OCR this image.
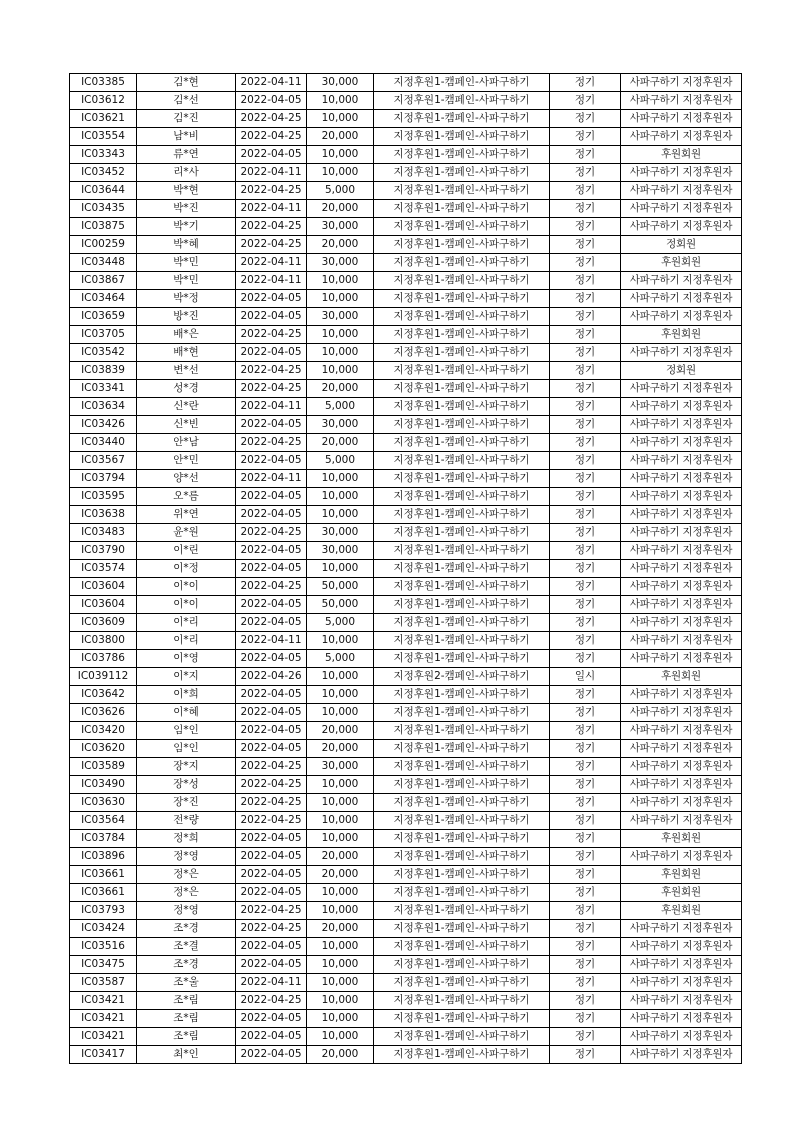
IC03385	김*현	2022-04-11	30,000	지정후원1-캠페인-사파구하기	정기	사파구하기 지정후원자
IC03612	김*선	2022-04-05	10,000	지정후원1-캠페인-사파구하기	정기	사파구하기 지정후원자
IC03621	김*진	2022-04-25	10,000	지정후원1-캠페인-사파구하기	정기	사파구하기 지정후원자
IC03554	남*비	2022-04-25	20,000	지정후원1-캠페인-사파구하기	정기	사파구하기 지정후원자
IC03343	류*연	2022-04-05	10,000	지정후원1-캠페인-사파구하기	정기	후원회원
IC03452	리*사	2022-04-11	10,000	지정후원1-캠페인-사파구하기	정기	사파구하기 지정후원자
IC03644	박*현	2022-04-25	5,000	지정후원1-캠페인-사파구하기	정기	사파구하기 지정후원자
IC03435	박*진	2022-04-11	20,000	지정후원1-캠페인-사파구하기	정기	사파구하기 지정후원자
IC03875	박*기	2022-04-25	30,000	지정후원1-캠페인-사파구하기	정기	사파구하기 지정후원자
IC00259	박*혜	2022-04-25	20,000	지정후원1-캠페인-사파구하기	정기	정회원
IC03448	박*민	2022-04-11	30,000	지정후원1-캠페인-사파구하기	정기	후원회원
IC03867	박*민	2022-04-11	10,000	지정후원1-캠페인-사파구하기	정기	사파구하기 지정후원자
IC03464	박*정	2022-04-05	10,000	지정후원1-캠페인-사파구하기	정기	사파구하기 지정후원자
IC03659	방*진	2022-04-05	30,000	지정후원1-캠페인-사파구하기	정기	사파구하기 지정후원자
IC03705	배*은	2022-04-25	10,000	지정후원1-캠페인-사파구하기	정기	후원회원
IC03542	배*현	2022-04-05	10,000	지정후원1-캠페인-사파구하기	정기	사파구하기 지정후원자
IC03839	변*선	2022-04-25	10,000	지정후원1-캠페인-사파구하기	정기	정회원
IC03341	성*경	2022-04-25	20,000	지정후원1-캠페인-사파구하기	정기	사파구하기 지정후원자
IC03634	신*란	2022-04-11	5,000	지정후원1-캠페인-사파구하기	정기	사파구하기 지정후원자
IC03426	신*빈	2022-04-05	30,000	지정후원1-캠페인-사파구하기	정기	사파구하기 지정후원자
IC03440	안*남	2022-04-25	20,000	지정후원1-캠페인-사파구하기	정기	사파구하기 지정후원자
IC03567	안*민	2022-04-05	5,000	지정후원1-캠페인-사파구하기	정기	사파구하기 지정후원자
IC03794	양*선	2022-04-11	10,000	지정후원1-캠페인-사파구하기	정기	사파구하기 지정후원자
IC03595	오*름	2022-04-05	10,000	지정후원1-캠페인-사파구하기	정기	사파구하기 지정후원자
IC03638	위*연	2022-04-05	10,000	지정후원1-캠페인-사파구하기	정기	사파구하기 지정후원자
IC03483	윤*원	2022-04-25	30,000	지정후원1-캠페인-사파구하기	정기	사파구하기 지정후원자
IC03790	이*린	2022-04-05	30,000	지정후원1-캠페인-사파구하기	정기	사파구하기 지정후원자
IC03574	이*정	2022-04-05	10,000	지정후원1-캠페인-사파구하기	정기	사파구하기 지정후원자
IC03604	이*이	2022-04-25	50,000	지정후원1-캠페인-사파구하기	정기	사파구하기 지정후원자
IC03604	이*이	2022-04-05	50,000	지정후원1-캠페인-사파구하기	정기	사파구하기 지정후원자
IC03609	이*리	2022-04-05	5,000	지정후원1-캠페인-사파구하기	정기	사파구하기 지정후원자
IC03800	이*리	2022-04-11	10,000	지정후원1-캠페인-사파구하기	정기	사파구하기 지정후원자
IC03786	이*영	2022-04-05	5,000	지정후원1-캠페인-사파구하기	정기	사파구하기 지정후원자
IC039112	이*지	2022-04-26	10,000	지정후원2-캠페인-사파구하기	일시	후원회원
IC03642	이*희	2022-04-05	10,000	지정후원1-캠페인-사파구하기	정기	사파구하기 지정후원자
IC03626	이*혜	2022-04-05	10,000	지정후원1-캠페인-사파구하기	정기	사파구하기 지정후원자
IC03420	임*인	2022-04-05	20,000	지정후원1-캠페인-사파구하기	정기	사파구하기 지정후원자
IC03620	임*인	2022-04-05	20,000	지정후원1-캠페인-사파구하기	정기	사파구하기 지정후원자
IC03589	장*지	2022-04-25	30,000	지정후원1-캠페인-사파구하기	정기	사파구하기 지정후원자
IC03490	장*성	2022-04-25	10,000	지정후원1-캠페인-사파구하기	정기	사파구하기 지정후원자
IC03630	장*진	2022-04-25	10,000	지정후원1-캠페인-사파구하기	정기	사파구하기 지정후원자
IC03564	전*량	2022-04-25	10,000	지정후원1-캠페인-사파구하기	정기	사파구하기 지정후원자
IC03784	정*희	2022-04-05	10,000	지정후원1-캠페인-사파구하기	정기	후원회원
IC03896	정*영	2022-04-05	20,000	지정후원1-캠페인-사파구하기	정기	사파구하기 지정후원자
IC03661	정*은	2022-04-05	20,000	지정후원1-캠페인-사파구하기	정기	후원회원
IC03661	정*은	2022-04-05	10,000	지정후원1-캠페인-사파구하기	정기	후원회원
IC03793	정*영	2022-04-25	10,000	지정후원1-캠페인-사파구하기	정기	후원회원
IC03424	조*경	2022-04-25	20,000	지정후원1-캠페인-사파구하기	정기	사파구하기 지정후원자
IC03516	조*결	2022-04-05	10,000	지정후원1-캠페인-사파구하기	정기	사파구하기 지정후원자
IC03475	조*경	2022-04-05	10,000	지정후원1-캠페인-사파구하기	정기	사파구하기 지정후원자
IC03587	조*울	2022-04-11	10,000	지정후원1-캠페인-사파구하기	정기	사파구하기 지정후원자
IC03421	조*림	2022-04-25	10,000	지정후원1-캠페인-사파구하기	정기	사파구하기 지정후원자
IC03421	조*림	2022-04-05	10,000	지정후원1-캠페인-사파구하기	정기	사파구하기 지정후원자
IC03421	조*림	2022-04-05	10,000	지정후원1-캠페인-사파구하기	정기	사파구하기 지정후원자
IC03417	최*인	2022-04-05	20,000	지정후원1-캠페인-사파구하기	정기	사파구하기 지정후원자
